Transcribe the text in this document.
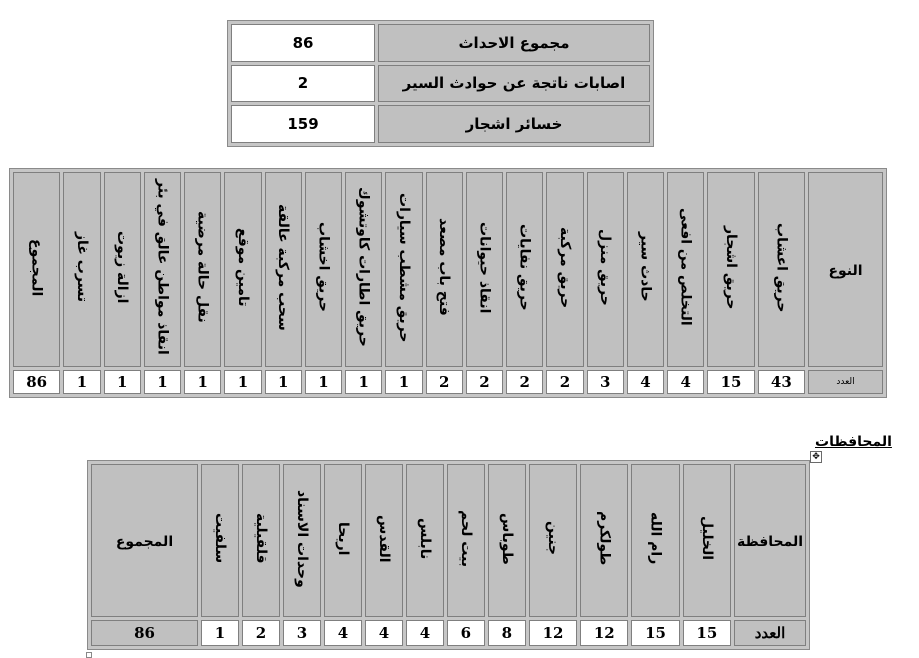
86	مجموع الاحداث
2	اصابات ناتجة عن حوادث السير
159	خسائر اشجار
المجموع	تسرب غاز	ازالة زيوت	انقاذ مواطن عالق في بئر	نقل حالة مرضية	تامين موقع	سحب مركبة عالقة	حريق اخشاب	حريق اطارات كاوتشوك	حريق مشطب سيارات	فتح باب مصعد	انقاذ حيوانات	حريق نفايات	حريق مركبة	حريق منزل	حادث سير	التخلص من افعى	حريق اشجار	حريق اعشاب	النوع
86	1	1	1	1	1	1	1	1	1	2	2	2	2	3	4	4	15	43	العدد
المحافظات
✥
المجموع	سلفيت	قلقيلية	وحدات الاسناد	اريحا	القدس	نابلس	بيت لحم	طوباس	جنين	طولكرم	رام الله	الخليل	المحافظة
86	1	2	3	4	4	4	6	8	12	12	15	15	العدد
